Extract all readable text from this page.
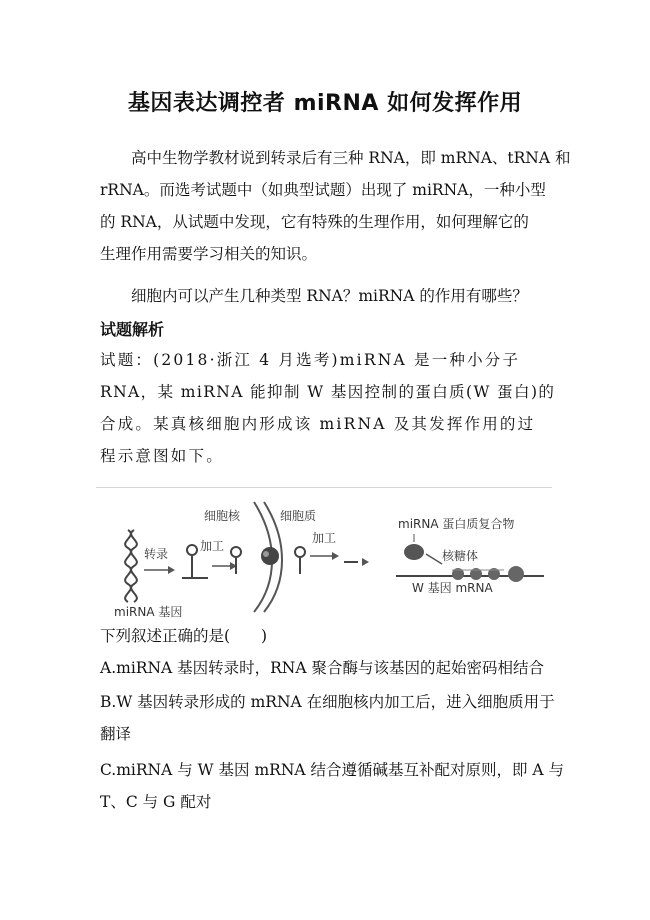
基因表达调控者 miRNA 如何发挥作用

高中生物学教材说到转录后有三种 RNA，即 mRNA、tRNA 和
rRNA。而选考试题中（如典型试题）出现了 miRNA，一种小型
的 RNA，从试题中发现，它有特殊的生理作用，如何理解它的
生理作用需要学习相关的知识。

细胞内可以产生几种类型 RNA？miRNA 的作用有哪些？

试题解析

试题：(2018·浙江 4 月选考)miRNA 是一种小分子
RNA，某 miRNA 能抑制 W 基因控制的蛋白质(W 蛋白)的
合成。某真核细胞内形成该 miRNA 及其发挥作用的过
程示意图如下。

转录
加工
细胞核	细胞质
加工
miRNA 蛋白质复合物
W 基因 mRNA
核糖体
miRNA 基因

下列叙述正确的是(　　)

A.miRNA 基因转录时，RNA 聚合酶与该基因的起始密码相结合

B.W 基因转录形成的 mRNA 在细胞核内加工后，进入细胞质用于
翻译

C.miRNA 与 W 基因 mRNA 结合遵循碱基互补配对原则，即 A 与
T、C 与 G 配对
